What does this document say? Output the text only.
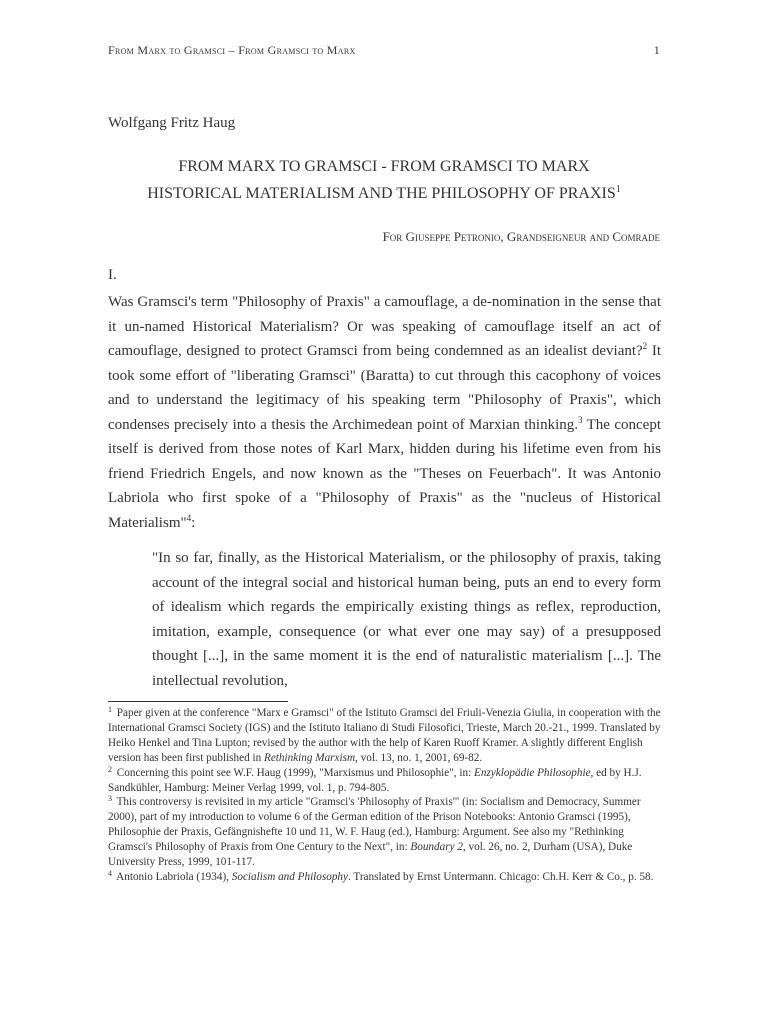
From Marx to Gramsci – From Gramsci to Marx	1
Wolfgang Fritz Haug
FROM MARX TO GRAMSCI - FROM GRAMSCI TO MARX
HISTORICAL MATERIALISM AND THE PHILOSOPHY OF PRAXIS$^1$
For Giuseppe Petronio, Grandseigneur and Comrade
I.
Was Gramsci's term "Philosophy of Praxis" a camouflage, a de-nomination in the sense that it un-named Historical Materialism? Or was speaking of camouflage itself an act of camouflage, designed to protect Gramsci from being condemned as an idealist deviant?$^2$ It took some effort of "liberating Gramsci" (Baratta) to cut through this cacophony of voices and to understand the legitimacy of his speaking term "Philosophy of Praxis", which condenses precisely into a thesis the Archimedean point of Marxian thinking.$^3$ The concept itself is derived from those notes of Karl Marx, hidden during his lifetime even from his friend Friedrich Engels, and now known as the "Theses on Feuerbach". It was Antonio Labriola who first spoke of a "Philosophy of Praxis" as the "nucleus of Historical Materialism"$^4$:
"In so far, finally, as the Historical Materialism, or the philosophy of praxis, taking account of the integral social and historical human being, puts an end to every form of idealism which regards the empirically existing things as reflex, reproduction, imitation, example, consequence (or what ever one may say) of a presupposed thought [...], in the same moment it is the end of naturalistic materialism [...]. The intellectual revolution,

$^1$ Paper given at the conference "Marx e Gramsci" of the Istituto Gramsci del Friuli-Venezia Giulia, in cooperation with the International Gramsci Society (IGS) and the Istituto Italiano di Studi Filosofici, Trieste, March 20.-21., 1999. Translated by Heiko Henkel and Tina Lupton; revised by the author with the help of Karen Ruoff Kramer. A slightly different English version has been first published in Rethinking Marxism, vol. 13, no. 1, 2001, 69-82.

$^2$ Concerning this point see W.F. Haug (1999), "Marxismus und Philosophie", in: Enzyklopädie Philosophie, ed by H.J. Sandkühler, Hamburg: Meiner Verlag 1999, vol. 1, p. 794-805.

$^3$ This controversy is revisited in my article "Gramsci's 'Philosophy of Praxis'" (in: Socialism and Democracy, Summer 2000), part of my introduction to volume 6 of the German edition of the Prison Notebooks: Antonio Gramsci (1995), Philosophie der Praxis, Gefängnishefte 10 und 11, W. F. Haug (ed.), Hamburg: Argument. See also my "Rethinking Gramsci's Philosophy of Praxis from One Century to the Next", in: Boundary 2, vol. 26, no. 2, Durham (USA), Duke University Press, 1999, 101-117.

$^4$ Antonio Labriola (1934), Socialism and Philosophy. Translated by Ernst Untermann. Chicago: Ch.H. Kerr & Co., p. 58.
